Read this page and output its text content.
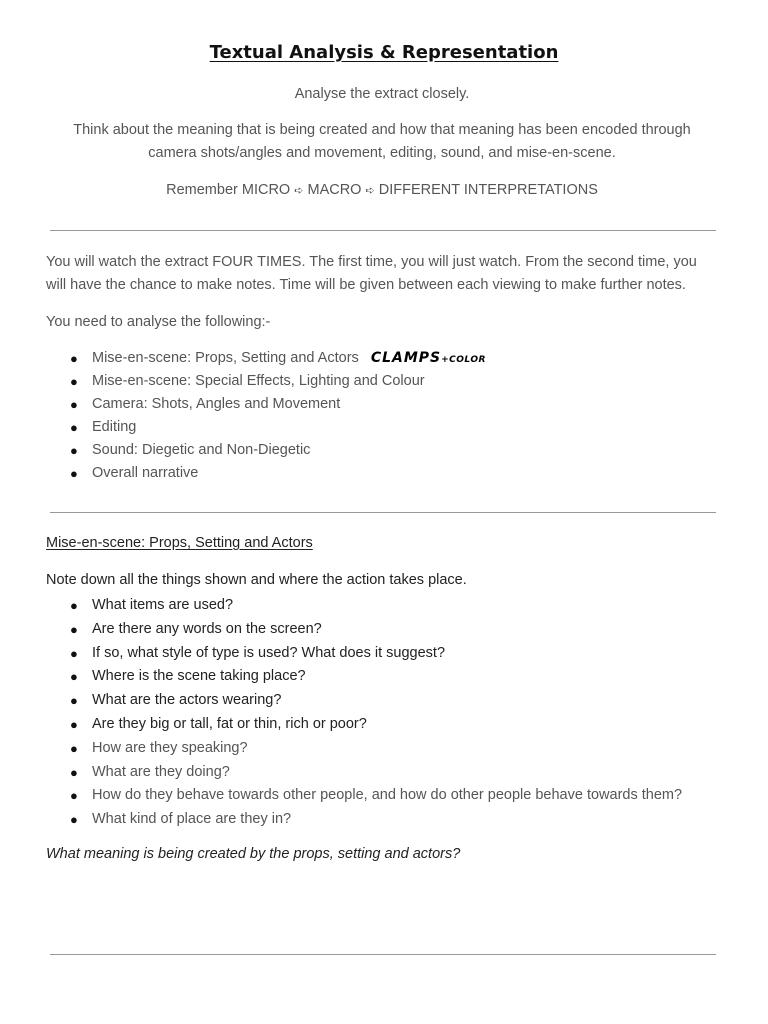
Textual Analysis & Representation
Analyse the extract closely.
Think about the meaning that is being created and how that meaning has been encoded through camera shots/angles and movement, editing, sound, and mise-en-scene.
Remember MICRO ➪ MACRO ➪ DIFFERENT INTERPRETATIONS
You will watch the extract FOUR TIMES. The first time, you will just watch. From the second time, you will have the chance to make notes. Time will be given between each viewing to make further notes.
You need to analyse the following:-
● Mise-en-scene: Props, Setting and Actors CLAMPS+COLOR
● Mise-en-scene: Special Effects, Lighting and Colour
● Camera: Shots, Angles and Movement
● Editing
● Sound: Diegetic and Non-Diegetic
● Overall narrative
Mise-en-scene: Props, Setting and Actors
Note down all the things shown and where the action takes place.
● What items are used?
● Are there any words on the screen?
● If so, what style of type is used? What does it suggest?
● Where is the scene taking place?
● What are the actors wearing?
● Are they big or tall, fat or thin, rich or poor?
● How are they speaking?
● What are they doing?
● How do they behave towards other people, and how do other people behave towards them?
● What kind of place are they in?
What meaning is being created by the props, setting and actors?
